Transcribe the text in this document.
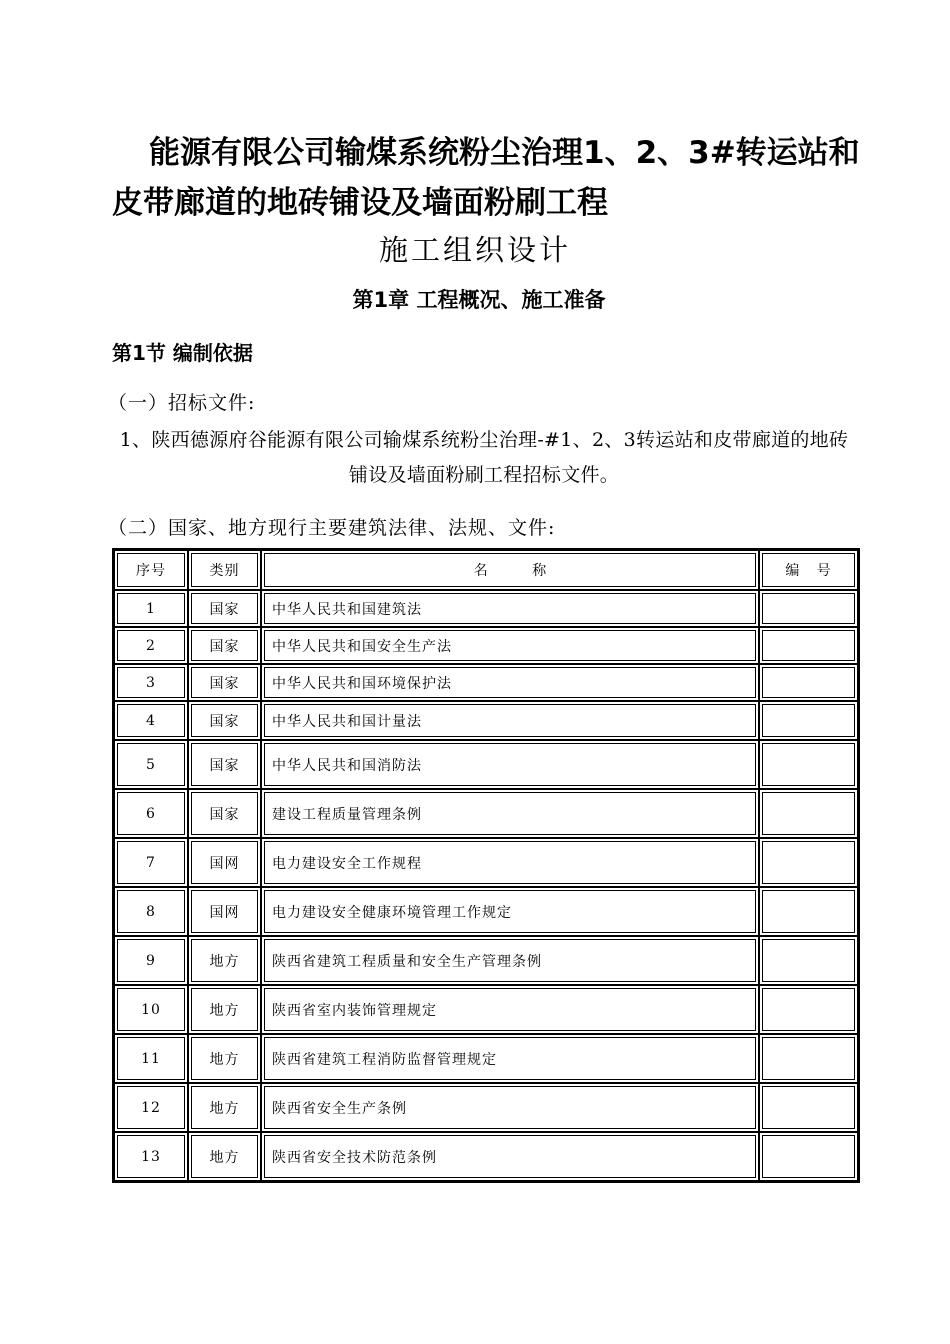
能源有限公司输煤系统粉尘治理1、2、3#转运站和皮带廊道的地砖铺设及墙面粉刷工程
施工组织设计
第1章 工程概况、施工准备
第1节 编制依据
（一）招标文件:
1、陕西德源府谷能源有限公司输煤系统粉尘治理-#1、2、3转运站和皮带廊道的地砖铺设及墙面粉刷工程招标文件。
（二）国家、地方现行主要建筑法律、法规、文件:
序号	类别	名          称	编   号
1	国家	中华人民共和国建筑法	
2	国家	中华人民共和国安全生产法	
3	国家	中华人民共和国环境保护法	
4	国家	中华人民共和国计量法	
5	国家	中华人民共和国消防法	
6	国家	建设工程质量管理条例	
7	国网	电力建设安全工作规程	
8	国网	电力建设安全健康环境管理工作规定	
9	地方	陕西省建筑工程质量和安全生产管理条例	
10	地方	陕西省室内装饰管理规定	
11	地方	陕西省建筑工程消防监督管理规定	
12	地方	陕西省安全生产条例	
13	地方	陕西省安全技术防范条例	
